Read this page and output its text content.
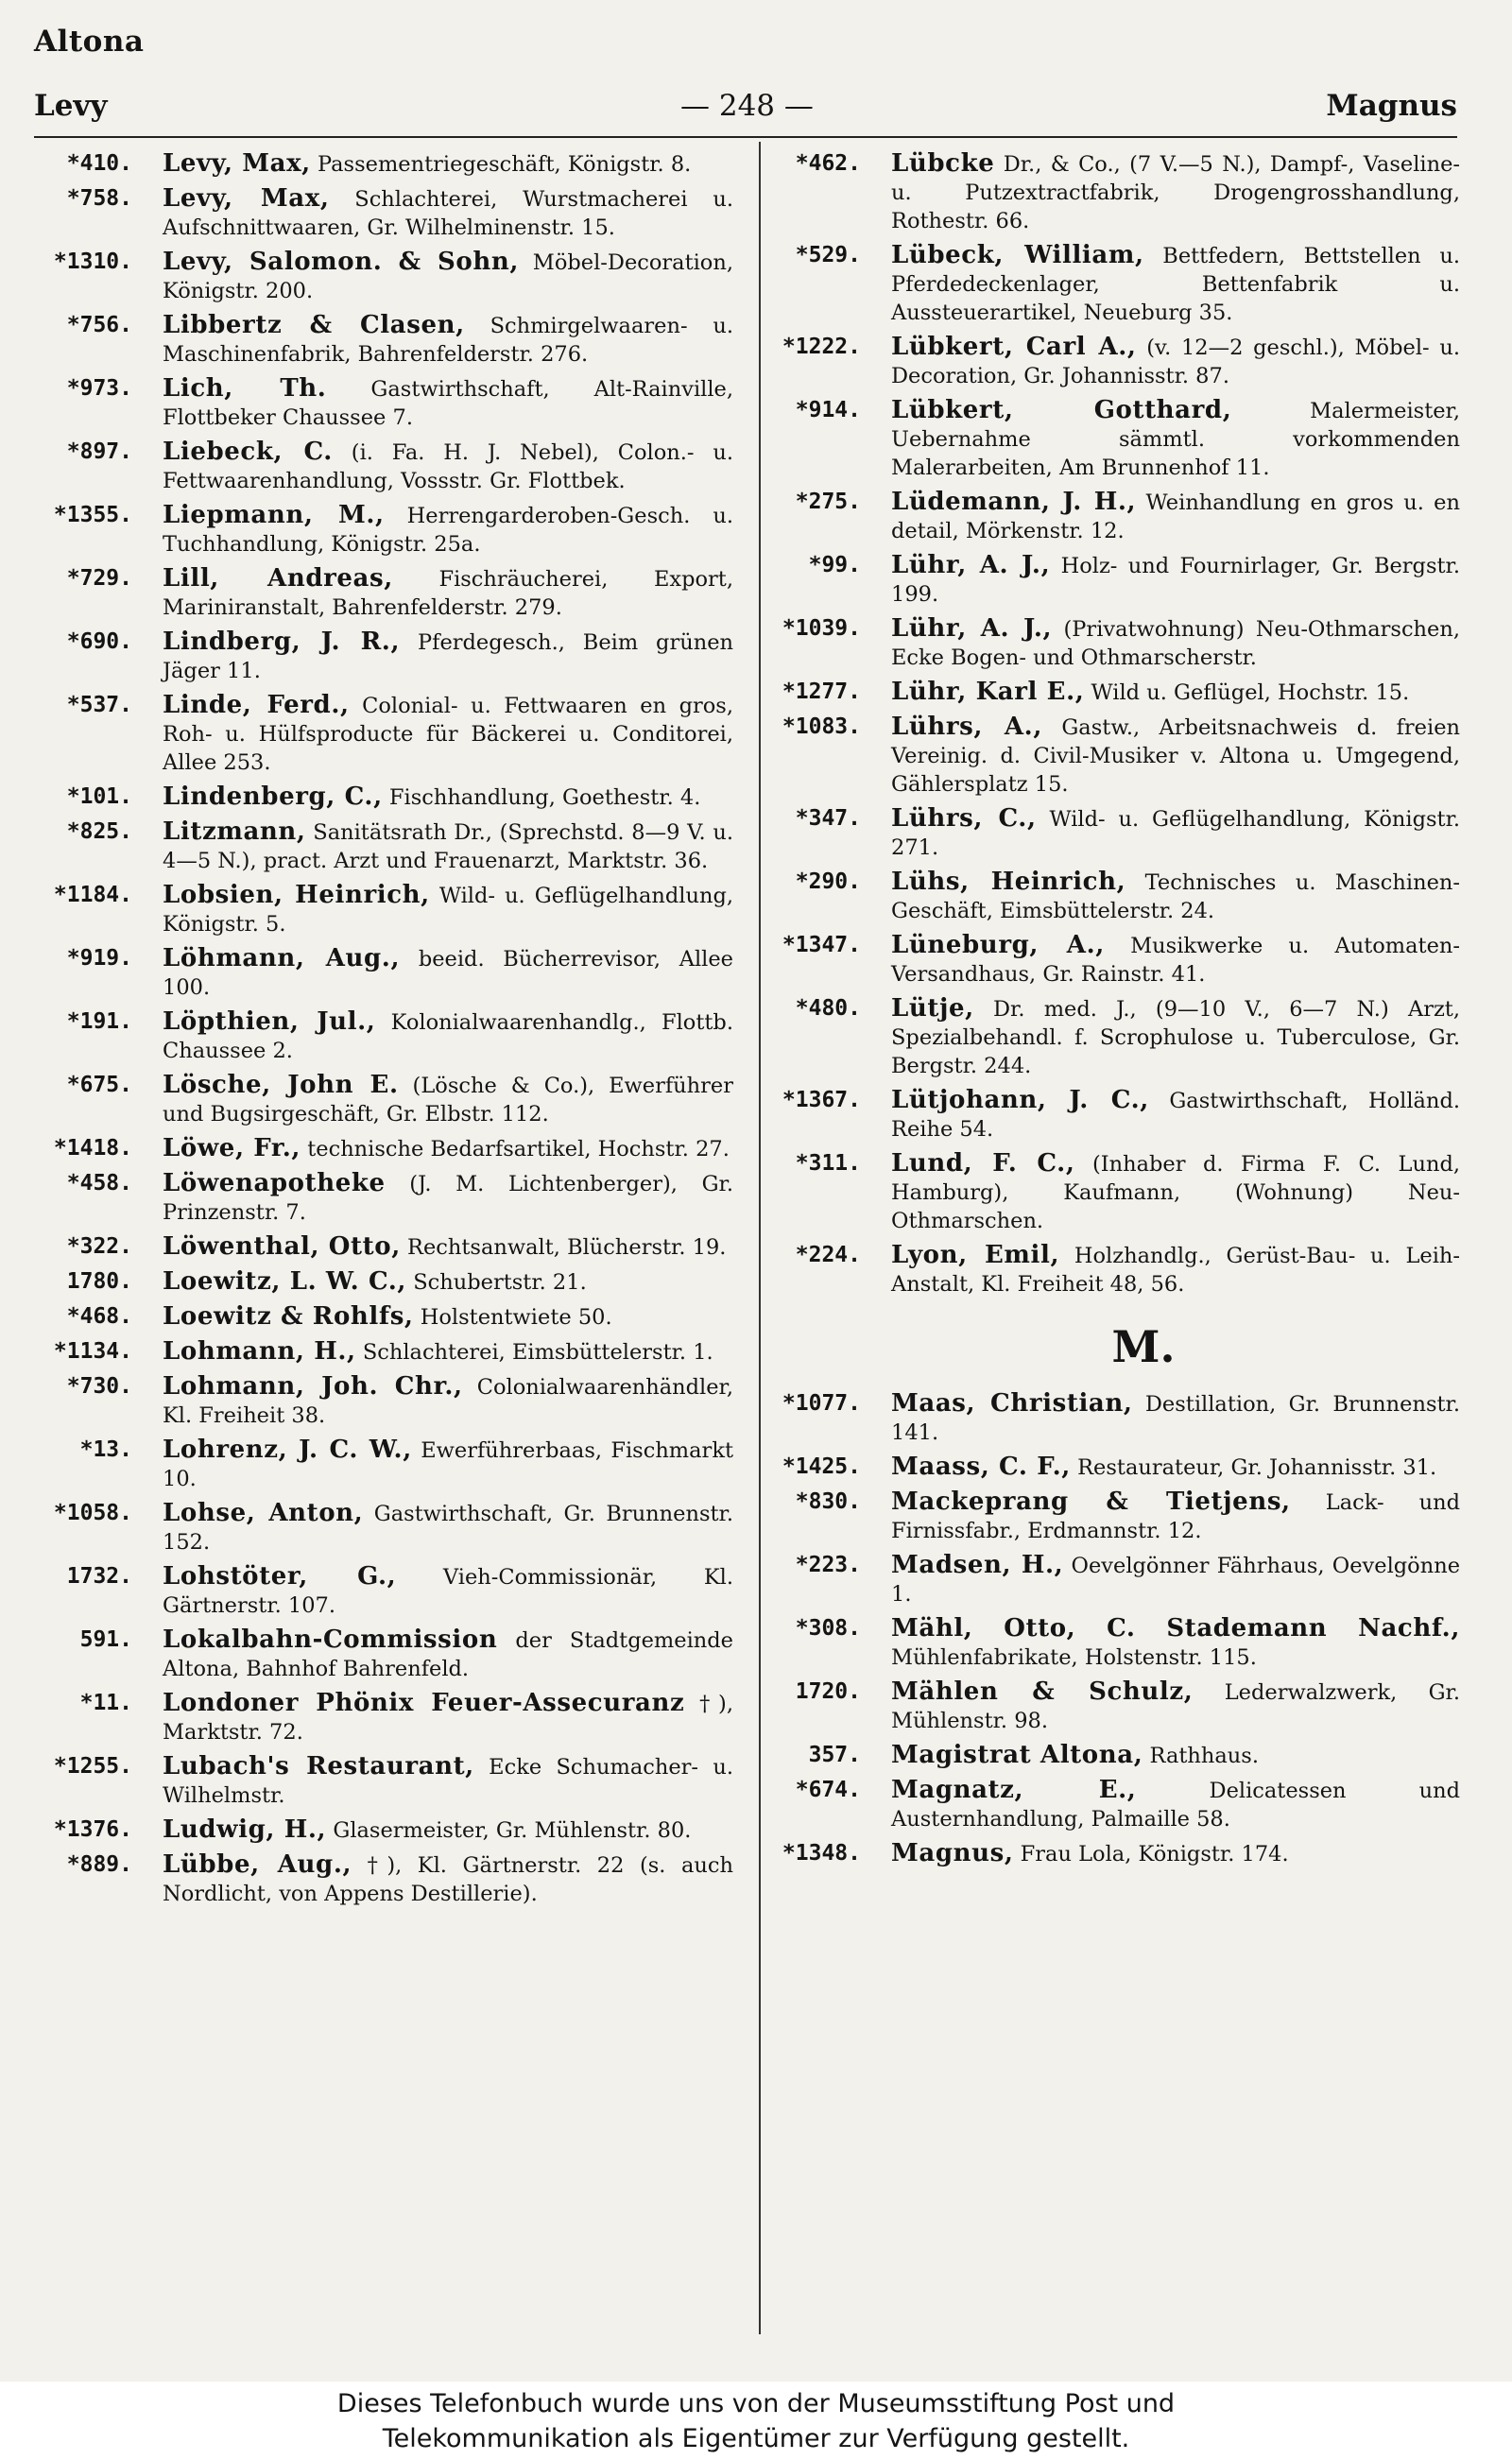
Altona
Levy	— 248 —	Magnus
*410.	Levy, Max, Passementriegeschäft, Königstr. 8.
*758.	Levy, Max, Schlachterei, Wurstmacherei u. Aufschnittwaaren, Gr. Wilhelminenstr. 15.
*1310.	Levy, Salomon. & Sohn, Möbel-Decoration, Königstr. 200.
*756.	Libbertz & Clasen, Schmirgelwaaren- u. Maschinenfabrik, Bahrenfelderstr. 276.
*973.	Lich, Th. Gastwirthschaft, Alt-Rainville, Flottbeker Chaussee 7.
*897.	Liebeck, C. (i. Fa. H. J. Nebel), Colon.- u. Fettwaarenhandlung, Vossstr. Gr. Flottbek.
*1355.	Liepmann, M., Herrengarderoben-Gesch. u. Tuchhandlung, Königstr. 25a.
*729.	Lill, Andreas, Fischräucherei, Export, Mariniranstalt, Bahrenfelderstr. 279.
*690.	Lindberg, J. R., Pferdegesch., Beim grünen Jäger 11.
*537.	Linde, Ferd., Colonial- u. Fettwaaren en gros, Roh- u. Hülfsproducte für Bäckerei u. Conditorei, Allee 253.
*101.	Lindenberg, C., Fischhandlung, Goethestr. 4.
*825.	Litzmann, Sanitätsrath Dr., (Sprechstd. 8—9 V. u. 4—5 N.), pract. Arzt und Frauenarzt, Marktstr. 36.
*1184.	Lobsien, Heinrich, Wild- u. Geflügelhandlung, Königstr. 5.
*919.	Löhmann, Aug., beeid. Bücherrevisor, Allee 100.
*191.	Löpthien, Jul., Kolonialwaarenhandlg., Flottb. Chaussee 2.
*675.	Lösche, John E. (Lösche & Co.), Ewerführer und Bugsirgeschäft, Gr. Elbstr. 112.
*1418.	Löwe, Fr., technische Bedarfsartikel, Hochstr. 27.
*458.	Löwenapotheke (J. M. Lichtenberger), Gr. Prinzenstr. 7.
*322.	Löwenthal, Otto, Rechtsanwalt, Blücherstr. 19.
1780.	Loewitz, L. W. C., Schubertstr. 21.
*468.	Loewitz & Rohlfs, Holstentwiete 50.
*1134.	Lohmann, H., Schlachterei, Eimsbüttelerstr. 1.
*730.	Lohmann, Joh. Chr., Colonialwaarenhändler, Kl. Freiheit 38.
*13.	Lohrenz, J. C. W., Ewerführerbaas, Fischmarkt 10.
*1058.	Lohse, Anton, Gastwirthschaft, Gr. Brunnenstr. 152.
1732.	Lohstöter, G., Vieh-Commissionär, Kl. Gärtnerstr. 107.
591.	Lokalbahn-Commission der Stadtgemeinde Altona, Bahnhof Bahrenfeld.
*11.	Londoner Phönix Feuer-Assecuranz †), Marktstr. 72.
*1255.	Lubach's Restaurant, Ecke Schumacher- u. Wilhelmstr.
*1376.	Ludwig, H., Glasermeister, Gr. Mühlenstr. 80.
*889.	Lübbe, Aug., †), Kl. Gärtnerstr. 22 (s. auch Nordlicht, von Appens Destillerie).
*462.	Lübcke Dr., & Co., (7 V.—5 N.), Dampf-, Vaseline- u. Putzextractfabrik, Drogengrosshandlung, Rothestr. 66.
*529.	Lübeck, William, Bettfedern, Bettstellen u. Pferdedeckenlager, Bettenfabrik u. Aussteuerartikel, Neueburg 35.
*1222.	Lübkert, Carl A., (v. 12—2 geschl.), Möbel- u. Decoration, Gr. Johannisstr. 87.
*914.	Lübkert, Gotthard, Malermeister, Uebernahme sämmtl. vorkommenden Malerarbeiten, Am Brunnenhof 11.
*275.	Lüdemann, J. H., Weinhandlung en gros u. en detail, Mörkenstr. 12.
*99.	Lühr, A. J., Holz- und Fournirlager, Gr. Bergstr. 199.
*1039.	Lühr, A. J., (Privatwohnung) Neu-Othmarschen, Ecke Bogen- und Othmarscherstr.
*1277.	Lühr, Karl E., Wild u. Geflügel, Hochstr. 15.
*1083.	Lührs, A., Gastw., Arbeitsnachweis d. freien Vereinig. d. Civil-Musiker v. Altona u. Umgegend, Gählersplatz 15.
*347.	Lührs, C., Wild- u. Geflügelhandlung, Königstr. 271.
*290.	Lühs, Heinrich, Technisches u. Maschinen-Geschäft, Eimsbüttelerstr. 24.
*1347.	Lüneburg, A., Musikwerke u. Automaten-Versandhaus, Gr. Rainstr. 41.
*480.	Lütje, Dr. med. J., (9—10 V., 6—7 N.) Arzt, Spezialbehandl. f. Scrophulose u. Tuberculose, Gr. Bergstr. 244.
*1367.	Lütjohann, J. C., Gastwirthschaft, Holländ. Reihe 54.
*311.	Lund, F. C., (Inhaber d. Firma F. C. Lund, Hamburg), Kaufmann, (Wohnung) Neu-Othmarschen.
*224.	Lyon, Emil, Holzhandlg., Gerüst-Bau- u. Leih-Anstalt, Kl. Freiheit 48, 56.
M.
*1077.	Maas, Christian, Destillation, Gr. Brunnenstr. 141.
*1425.	Maass, C. F., Restaurateur, Gr. Johannisstr. 31.
*830.	Mackeprang & Tietjens, Lack- und Firnissfabr., Erdmannstr. 12.
*223.	Madsen, H., Oevelgönner Fährhaus, Oevelgönne 1.
*308.	Mähl, Otto, C. Stademann Nachf., Mühlenfabrikate, Holstenstr. 115.
1720.	Mählen & Schulz, Lederwalzwerk, Gr. Mühlenstr. 98.
357.	Magistrat Altona, Rathhaus.
*674.	Magnatz, E., Delicatessen und Austernhandlung, Palmaille 58.
*1348.	Magnus, Frau Lola, Königstr. 174.
Dieses Telefonbuch wurde uns von der Museumsstiftung Post und
Telekommunikation als Eigentümer zur Verfügung gestellt.
